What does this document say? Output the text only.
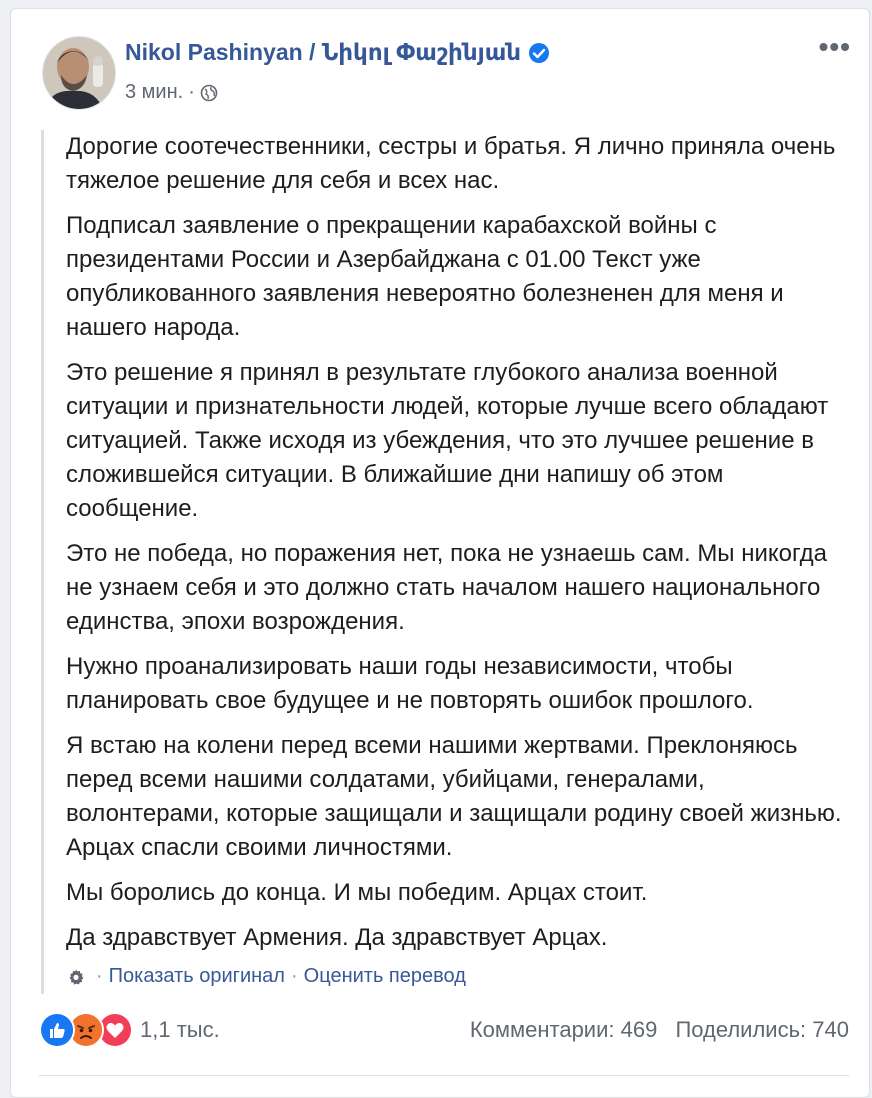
Nikol Pashinyan / Նիկոլ Փաշինյան
3 мин. ·
•••

Дорогие соотечественники, сестры и братья. Я лично приняла очень тяжелое решение для себя и всех нас.

Подписал заявление о прекращении карабахской войны с президентами России и Азербайджана с 01.00 Текст уже опубликованного заявления невероятно болезненен для меня и нашего народа.

Это решение я принял в результате глубокого анализа военной ситуации и признательности людей, которые лучше всего обладают ситуацией. Также исходя из убеждения, что это лучшее решение в сложившейся ситуации. В ближайшие дни напишу об этом сообщение.

Это не победа, но поражения нет, пока не узнаешь сам. Мы никогда не узнаем себя и это должно стать началом нашего национального единства, эпохи возрождения.

Нужно проанализировать наши годы независимости, чтобы планировать свое будущее и не повторять ошибок прошлого.

Я встаю на колени перед всеми нашими жертвами. Преклоняюсь перед всеми нашими солдатами, убийцами, генералами, волонтерами, которые защищали и защищали родину своей жизнью. Арцах спасли своими личностями.

Мы боролись до конца. И мы победим. Арцах стоит.

Да здравствует Армения. Да здравствует Арцах.

· Показать оригинал · Оценить перевод
1,1 тыс.	Комментарии: 469 Поделились: 740
